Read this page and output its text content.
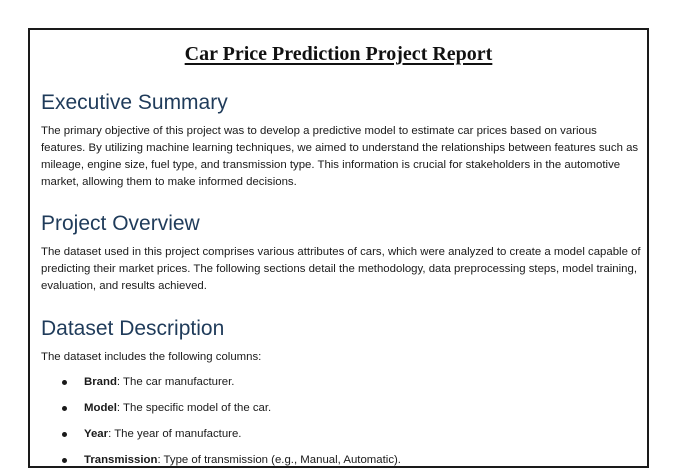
Car Price Prediction Project Report
Executive Summary

The primary objective of this project was to develop a predictive model to estimate car prices based on various features. By utilizing machine learning techniques, we aimed to understand the relationships between features such as mileage, engine size, fuel type, and transmission type. This information is crucial for stakeholders in the automotive market, allowing them to make informed decisions.

Project Overview

The dataset used in this project comprises various attributes of cars, which were analyzed to create a model capable of predicting their market prices. The following sections detail the methodology, data preprocessing steps, model training, evaluation, and results achieved.

Dataset Description

The dataset includes the following columns:

Brand: The car manufacturer.
Model: The specific model of the car.
Year: The year of manufacture.
Transmission: Type of transmission (e.g., Manual, Automatic).
